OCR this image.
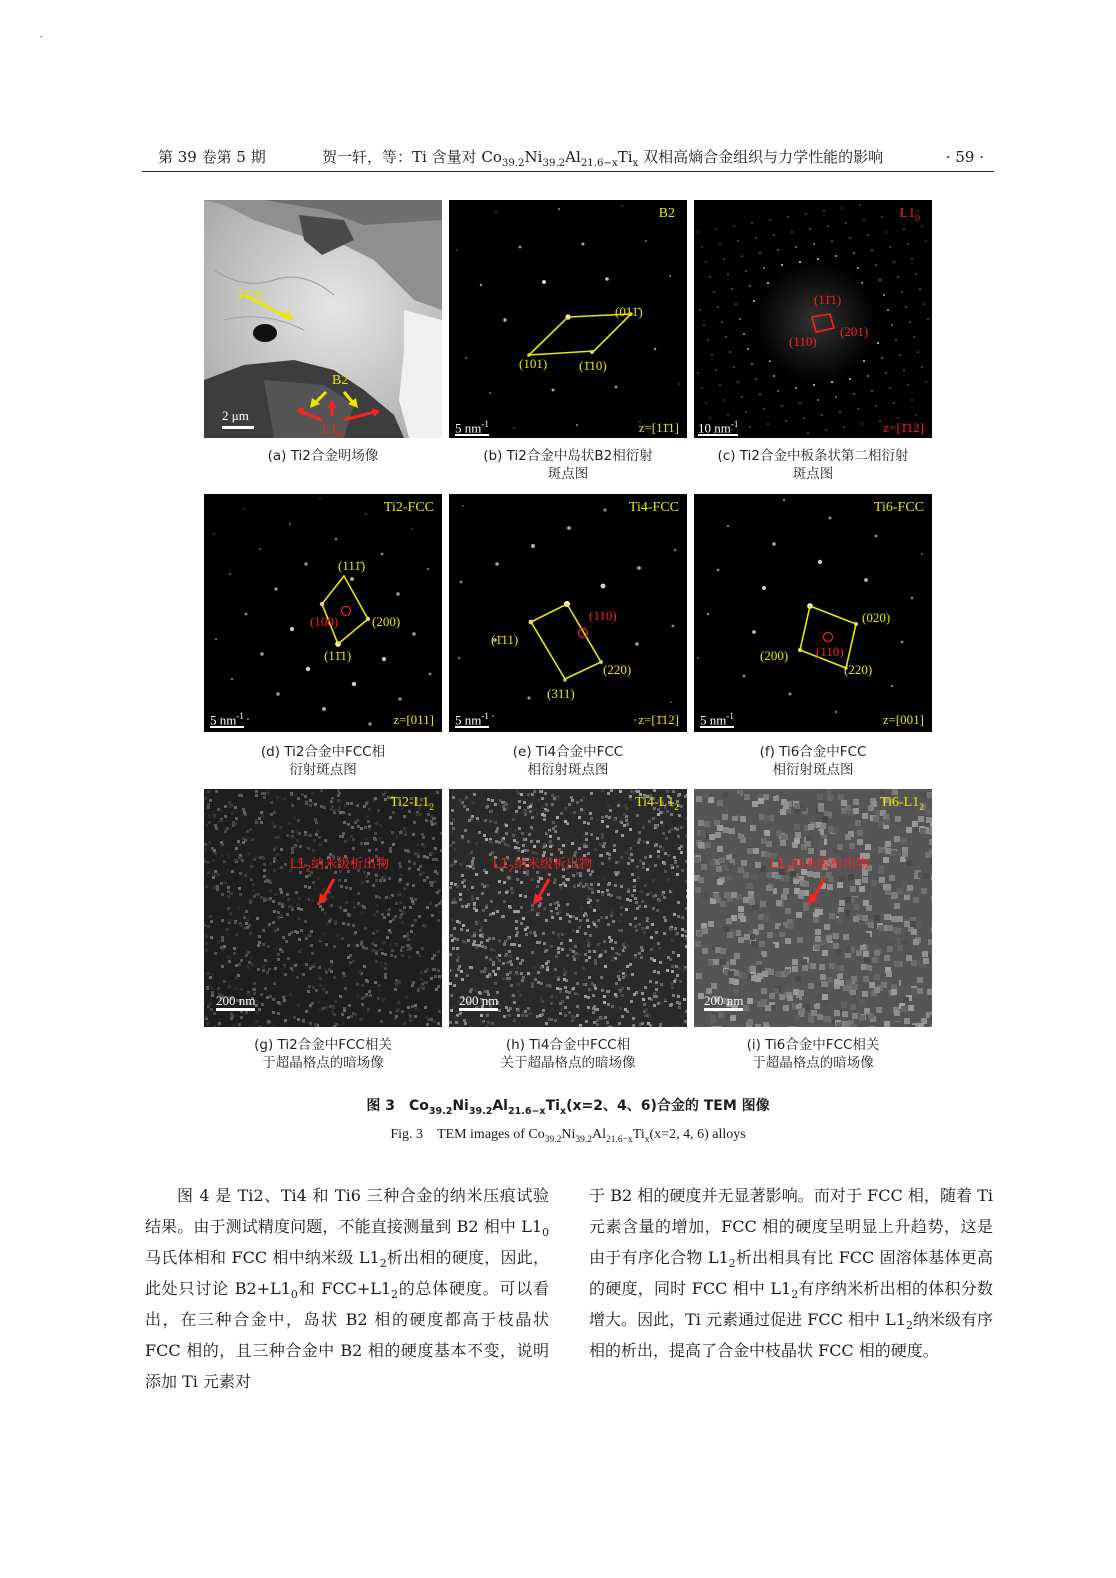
第 39 卷第 5 期	贺一轩，等：Ti 含量对 $Co_{39.2}Ni_{39.2}Al_{21.6-x}Ti_x$ 双相高熵合金组织与力学性能的影响	· 59 ·
FCC
B2
$L1_0$
2 μm
(a) Ti2合金明场像
B2
(011̄)
(101) (1̄10)
5 $nm^{-1}$	z=[11̄1]
(b) Ti2合金中岛状B2相衍射
斑点图
$L1_0$
(11̄1)
(110)
(201)
10 $nm^{-1}$	z=[1̄12]
(c) Ti2合金中板条状第二相衍射
斑点图
Ti2-FCC
(111̄)
(100)	(200)
(11̄1)
5 $nm^{-1}$	z=[011]
(d) Ti2合金中FCC相
衍射斑点图
Ti4-FCC
(1̄11)
(110)
(220)
(311)
5 $nm^{-1}$	z=[1̄12]
(e) Ti4合金中FCC
相衍射斑点图
Ti6-FCC
(020)
(200) (110)
(220)
5 $nm^{-1}$	z=[001]
(f) Ti6合金中FCC
相衍射斑点图
$Ti2-L1_2$
$L1_2$纳米级析出物
200 nm
(g) Ti2合金中FCC相关
于超晶格点的暗场像
$Ti4-L1_2$
$L1_2$纳米级析出物
200 nm
(h) Ti4合金中FCC相
关于超晶格点的暗场像
$Ti6-L1_2$
$L1_2$纳米级析出物
200 nm
(i) Ti6合金中FCC相关
于超晶格点的暗场像
图 3　$Co_{39.2}Ni_{39.2}Al_{21.6-x}Ti_x(x=2$、4、6)合金的 TEM 图像
Fig. 3　TEM images of $Co_{39.2}Ni_{39.2}Al_{21.6-x}Ti_x(x=2$, 4, 6) alloys

图 4 是 Ti2、Ti4 和 Ti6 三种合金的纳米压痕试验结果。由于测试精度问题，不能直接测量到 B2 相中 $L1_0$马氏体相和 FCC 相中纳米级 $L1_2$析出相的硬度，因此，此处只讨论 $B2+L1_0$和 $FCC+L1_2$的总体硬度。可以看出，在三种合金中，岛状 B2 相的硬度都高于枝晶状 FCC 相的，且三种合金中 B2 相的硬度基本不变，说明添加 Ti 元素对

于 B2 相的硬度并无显著影响。而对于 FCC 相，随着 Ti 元素含量的增加，FCC 相的硬度呈明显上升趋势，这是由于有序化合物 $L1_2$析出相具有比 FCC 固溶体基体更高的硬度，同时 FCC 相中 $L1_2$有序纳米析出相的体积分数增大。因此，Ti 元素通过促进 FCC 相中 $L1_2$纳米级有序相的析出，提高了合金中枝晶状 FCC 相的硬度。
